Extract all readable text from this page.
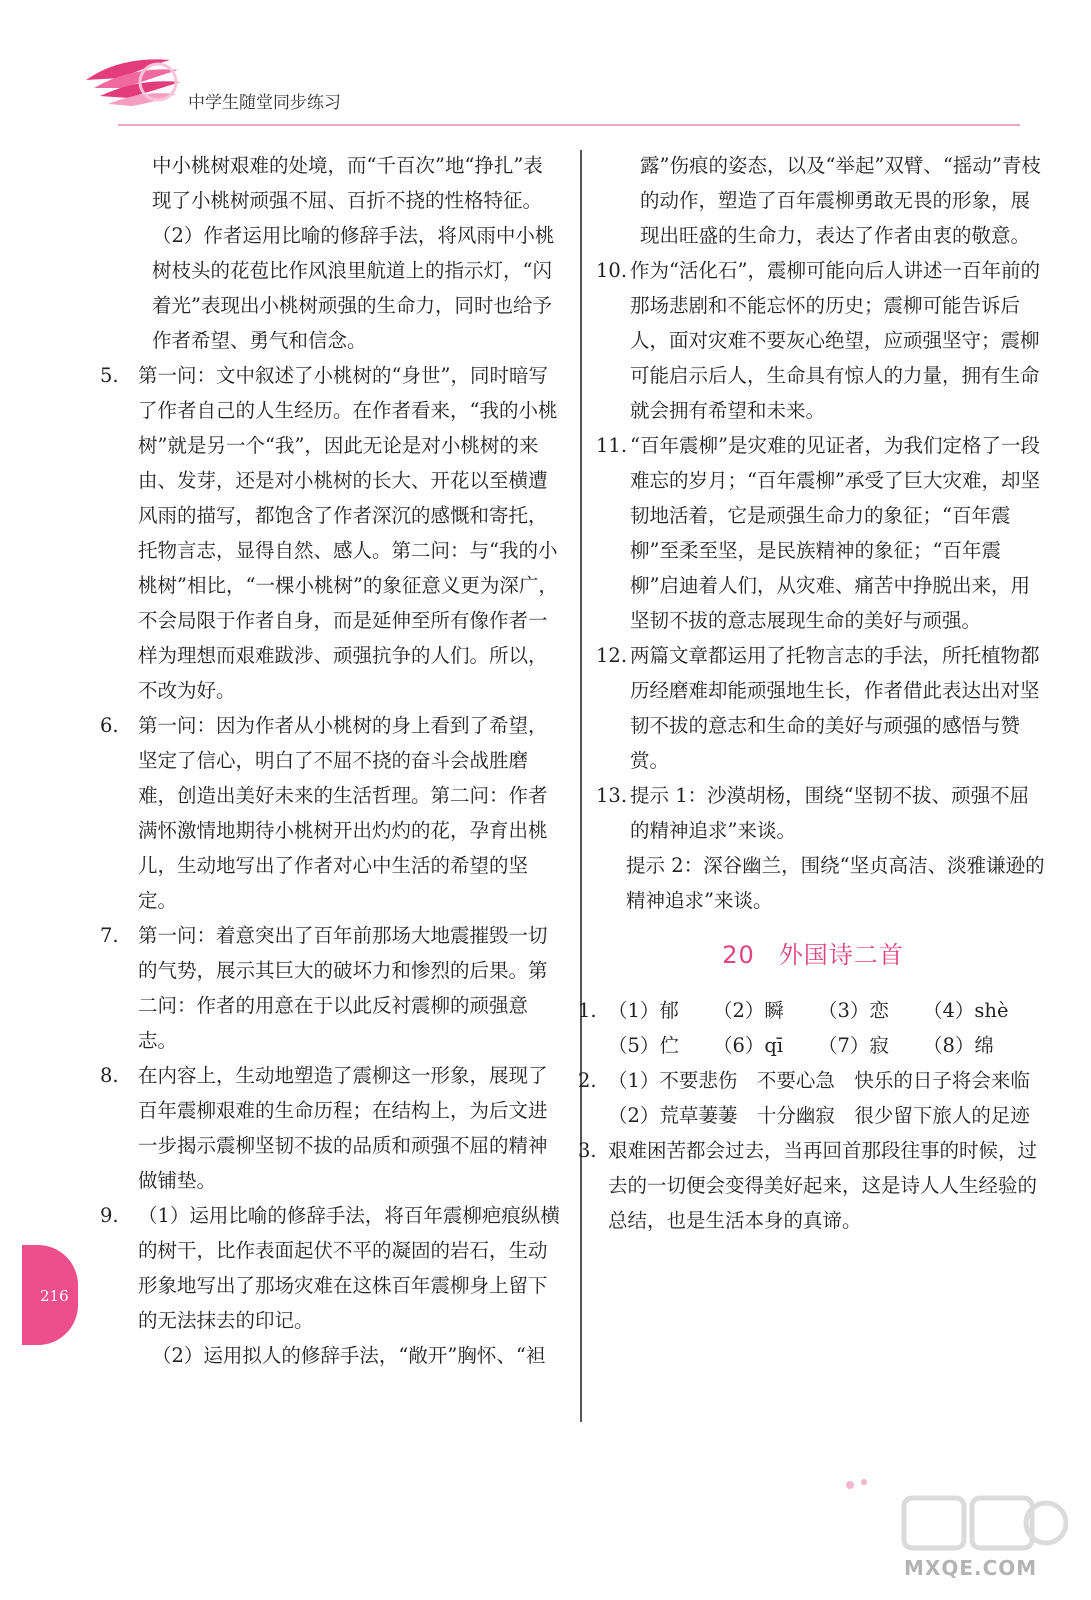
中学生随堂同步练习
中小桃树艰难的处境，而“千百次”地“挣扎”表现了小桃树顽强不屈、百折不挠的性格特征。
（2）作者运用比喻的修辞手法，将风雨中小桃树枝头的花苞比作风浪里航道上的指示灯，“闪着光”表现出小桃树顽强的生命力，同时也给予作者希望、勇气和信念。
5. 第一问：文中叙述了小桃树的“身世”，同时暗写了作者自己的人生经历。在作者看来，“我的小桃树”就是另一个“我”，因此无论是对小桃树的来由、发芽，还是对小桃树的长大、开花以至横遭风雨的描写，都饱含了作者深沉的感慨和寄托，托物言志，显得自然、感人。第二问：与“我的小桃树”相比，“一棵小桃树”的象征意义更为深广，不会局限于作者自身，而是延伸至所有像作者一样为理想而艰难跋涉、顽强抗争的人们。所以，不改为好。
6. 第一问：因为作者从小桃树的身上看到了希望，坚定了信心，明白了不屈不挠的奋斗会战胜磨难，创造出美好未来的生活哲理。第二问：作者满怀激情地期待小桃树开出灼灼的花，孕育出桃儿，生动地写出了作者对心中生活的希望的坚定。
7. 第一问：着意突出了百年前那场大地震摧毁一切的气势，展示其巨大的破坏力和惨烈的后果。第二问：作者的用意在于以此反衬震柳的顽强意志。
8. 在内容上，生动地塑造了震柳这一形象，展现了百年震柳艰难的生命历程；在结构上，为后文进一步揭示震柳坚韧不拔的品质和顽强不屈的精神做铺垫。
9. （1）运用比喻的修辞手法，将百年震柳疤痕纵横的树干，比作表面起伏不平的凝固的岩石，生动形象地写出了那场灾难在这株百年震柳身上留下的无法抹去的印记。
（2）运用拟人的修辞手法，“敞开”胸怀、“袒
露”伤痕的姿态，以及“举起”双臂、“摇动”青枝的动作，塑造了百年震柳勇敢无畏的形象，展现出旺盛的生命力，表达了作者由衷的敬意。
10. 作为“活化石”，震柳可能向后人讲述一百年前的那场悲剧和不能忘怀的历史；震柳可能告诉后人，面对灾难不要灰心绝望，应顽强坚守；震柳可能启示后人，生命具有惊人的力量，拥有生命就会拥有希望和未来。
11. “百年震柳”是灾难的见证者，为我们定格了一段难忘的岁月；“百年震柳”承受了巨大灾难，却坚韧地活着，它是顽强生命力的象征；“百年震柳”至柔至坚，是民族精神的象征；“百年震柳”启迪着人们，从灾难、痛苦中挣脱出来，用坚韧不拔的意志展现生命的美好与顽强。
12. 两篇文章都运用了托物言志的手法，所托植物都历经磨难却能顽强地生长，作者借此表达出对坚韧不拔的意志和生命的美好与顽强的感悟与赞赏。
13. 提示 1：沙漠胡杨，围绕“坚韧不拔、顽强不屈的精神追求”来谈。
提示 2：深谷幽兰，围绕“坚贞高洁、淡雅谦逊的精神追求”来谈。
20 外国诗二首
1. （1）郁	（2）瞬	（3）恋	（4）shè
（5）伫	（6）qī	（7）寂	（8）绵
2. （1）不要悲伤　不要心急　快乐的日子将会来临
（2）荒草萋萋　十分幽寂　很少留下旅人的足迹
3. 艰难困苦都会过去，当再回首那段往事的时候，过去的一切便会变得美好起来，这是诗人人生经验的总结，也是生活本身的真谛。
216
MXQE.COM
